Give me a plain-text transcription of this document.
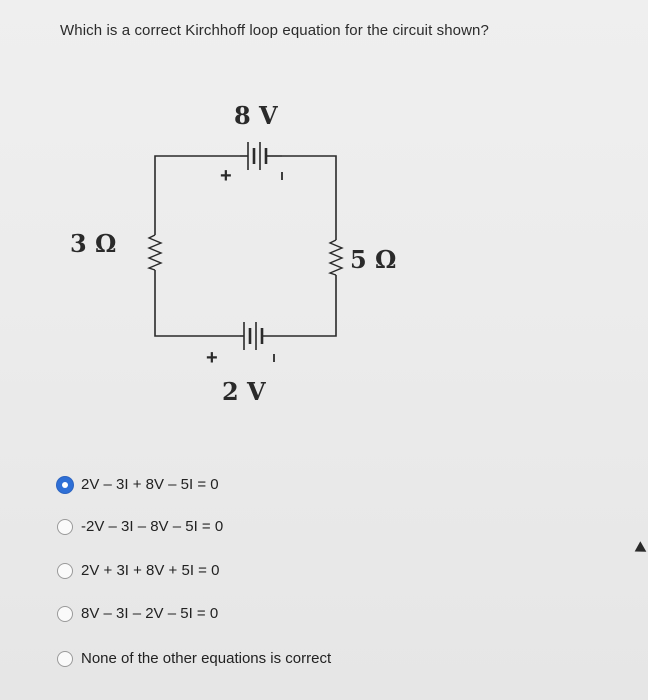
Which is a correct Kirchhoff loop equation for the circuit shown?
8 V
+
2 V
+
3 Ω
5 Ω
2V – 3I + 8V – 5I = 0
-2V – 3I – 8V – 5I = 0
2V + 3I + 8V + 5I = 0
8V – 3I – 2V – 5I = 0
None of the other equations is correct
